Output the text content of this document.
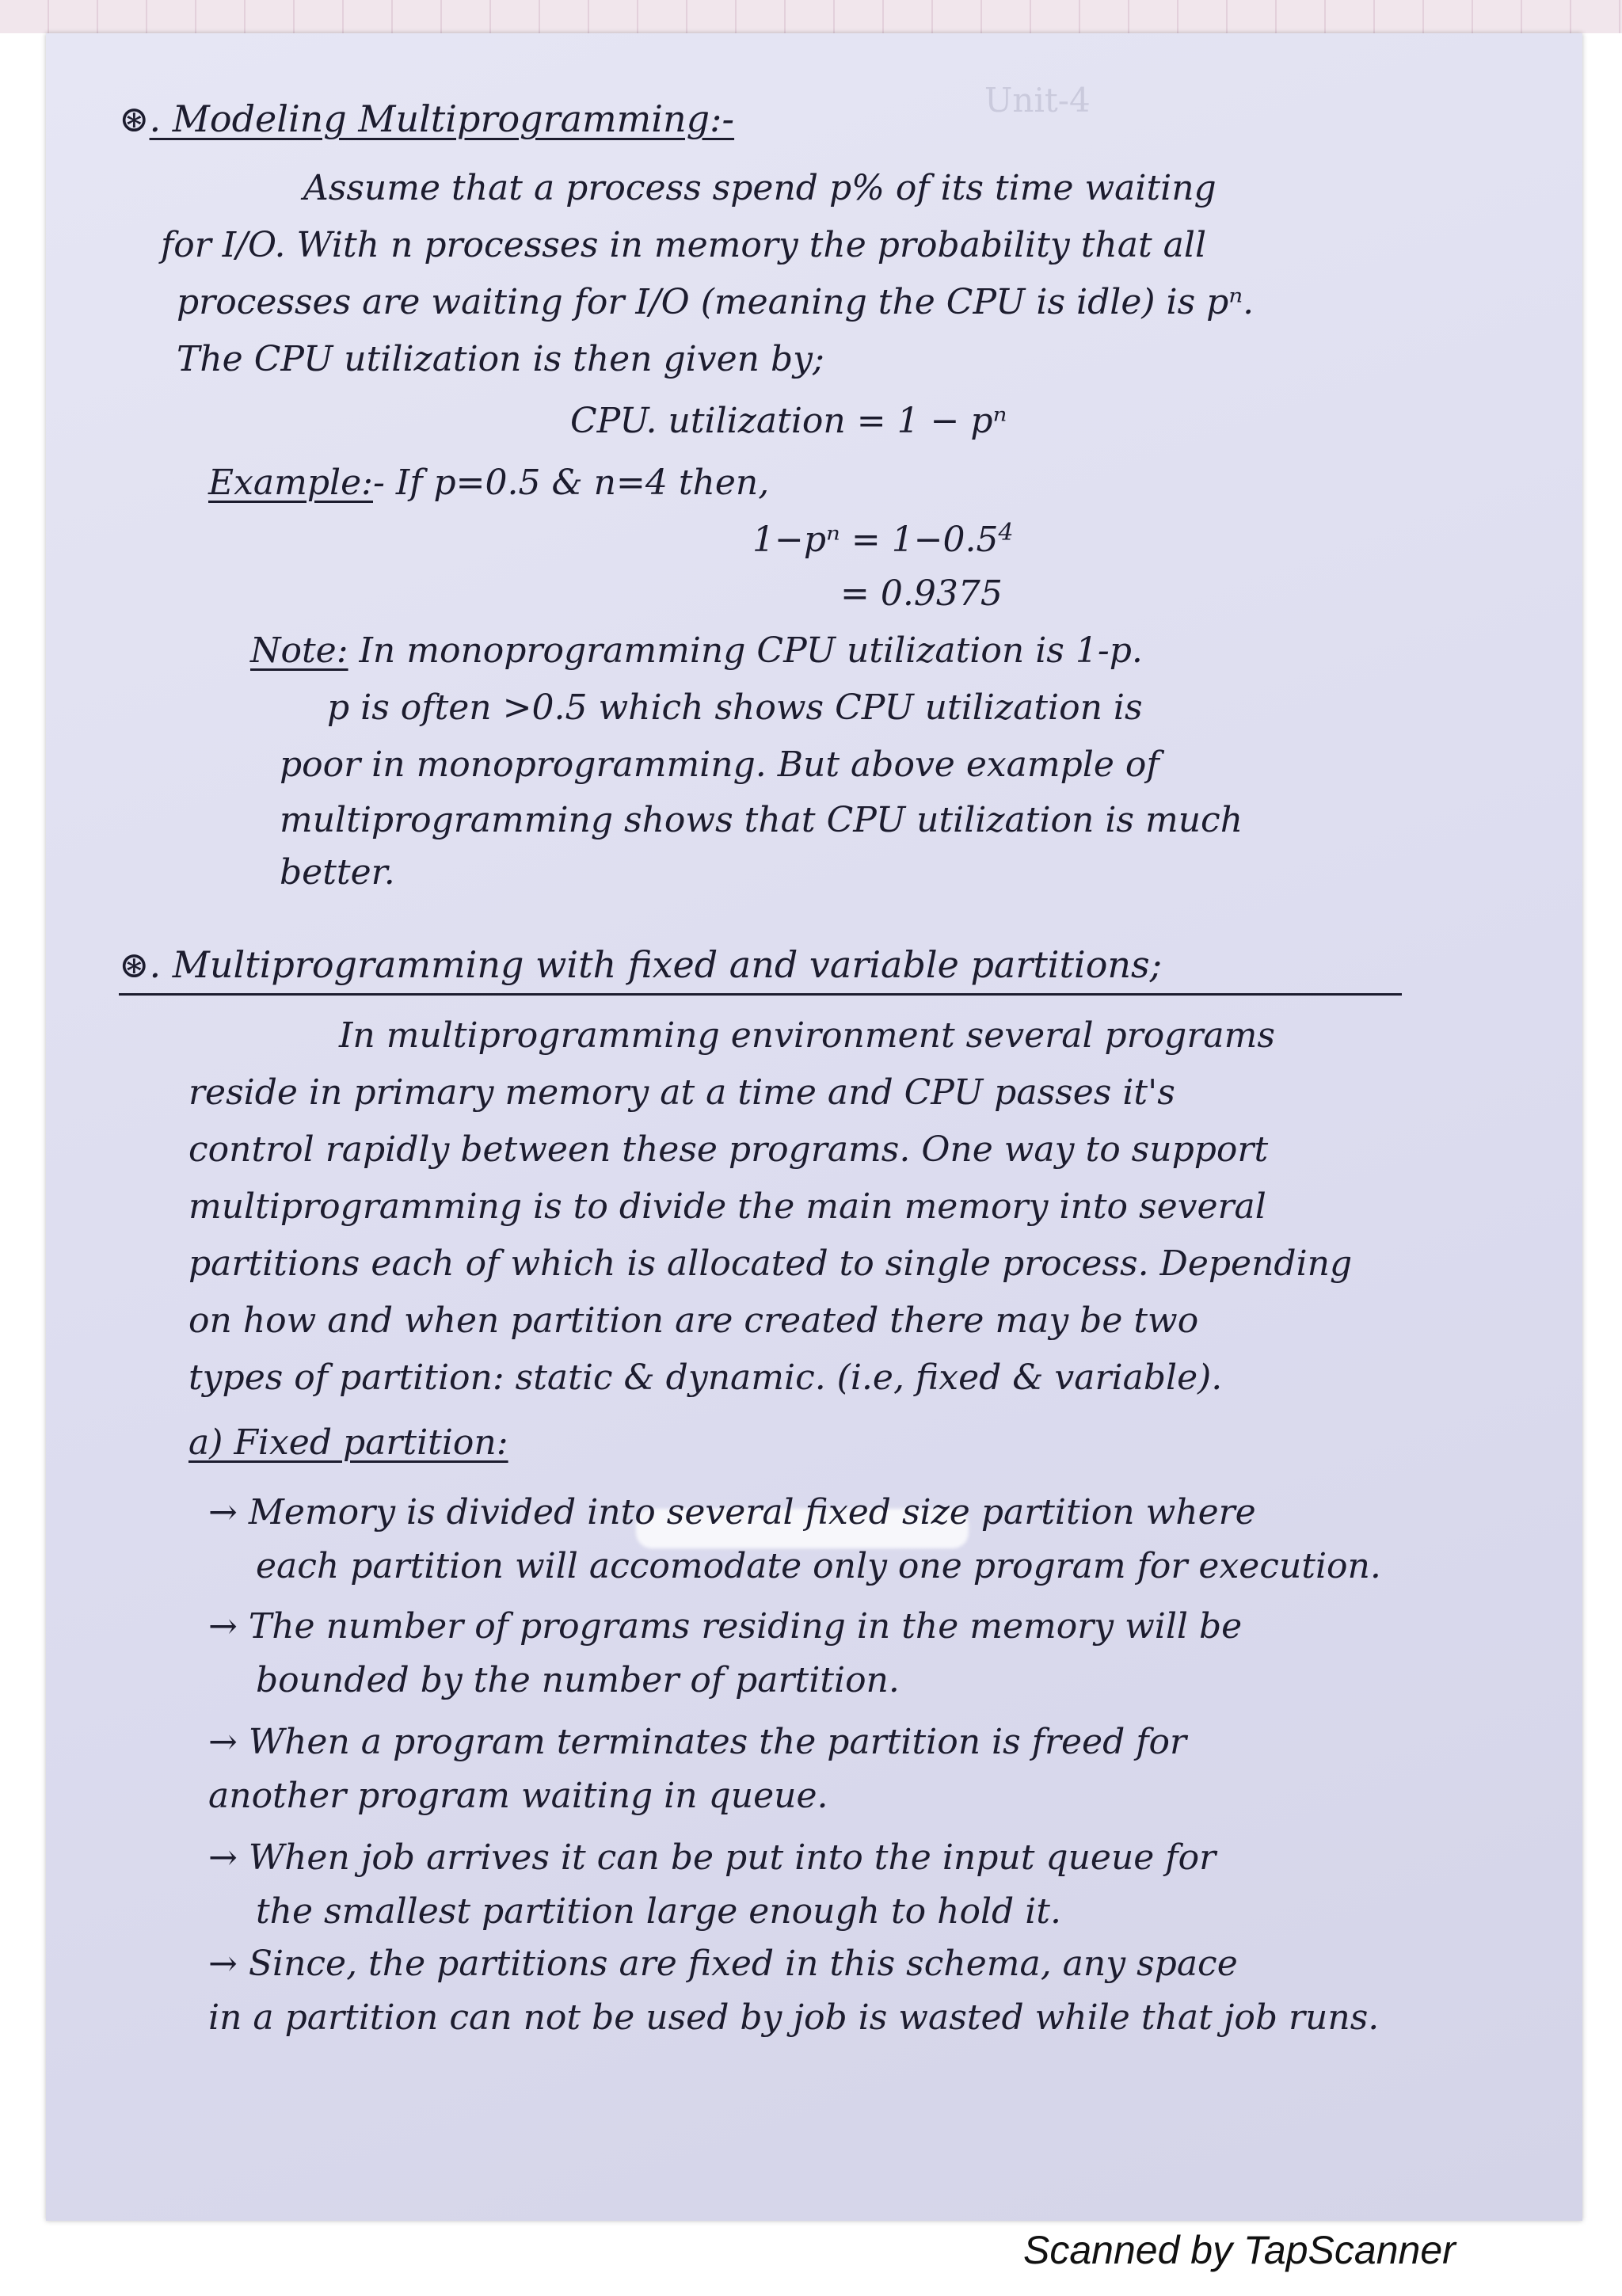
Unit-4
⊛. Modeling Multiprogramming:-
Assume that a process spend p% of its time waiting
for I/O. With n processes in memory the probability that all
processes are waiting for I/O (meaning the CPU is idle) is pⁿ.
The CPU utilization is then given by;
CPU. utilization = 1 − pⁿ
Example:- If p=0.5 & n=4 then,
$1-p^n = 1-0.5^4$
= 0.9375
Note: In monoprogramming CPU utilization is 1-p.
p is often >0.5 which shows CPU utilization is
poor in monoprogramming. But above example of
multiprogramming shows that CPU utilization is much
better.
⊛. Multiprogramming with fixed and variable partitions;
In multiprogramming environment several programs
reside in primary memory at a time and CPU passes it's
control rapidly between these programs. One way to support
multiprogramming is to divide the main memory into several
partitions each of which is allocated to single process. Depending
on how and when partition are created there may be two
types of partition: static & dynamic. (i.e, fixed & variable).
a) Fixed partition:
→ Memory is divided into several fixed size partition where
each partition will accomodate only one program for execution.
→ The number of programs residing in the memory will be
bounded by the number of partition.
→ When a program terminates the partition is freed for
another program waiting in queue.
→ When job arrives it can be put into the input queue for
the smallest partition large enough to hold it.
→ Since, the partitions are fixed in this schema, any space
in a partition can not be used by job is wasted while that job runs.
Scanned by TapScanner
